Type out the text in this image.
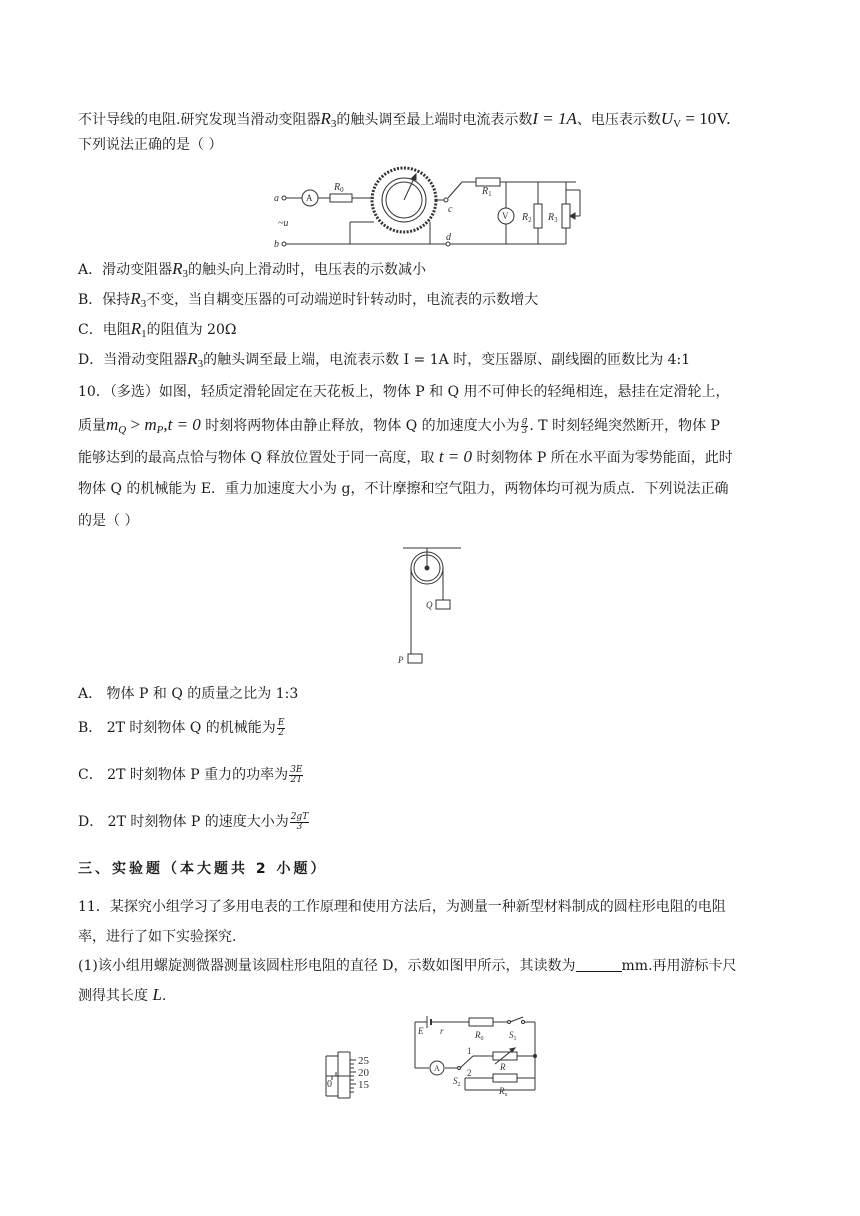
不计导线的电阻.研究发现当滑动变阻器$R_3$的触头调至最上端时电流表示数I = 1A、电压表示数$U_V = 10V$.
下列说法正确的是（ ）
a
b
~u
c
d
A
V
$R_0$	$R_1$
$R_2$ $R_3$
A．滑动变阻器$R_3$的触头向上滑动时，电压表的示数减小
B．保持$R_3$不变，当自耦变压器的可动端逆时针转动时，电流表的示数增大
C．电阻$R_1$的阻值为 20Ω
D．当滑动变阻器$R_3$的触头调至最上端，电流表示数 I = 1A 时，变压器原、副线圈的匝数比为 4:1
10．（多选）如图，轻质定滑轮固定在天花板上，物体 P 和 Q 用不可伸长的轻绳相连，悬挂在定滑轮上，
质量mQ > mP,t = 0 时刻将两物体由静止释放，物体 Q 的加速度大小为 $\frac{g}{3}$ . T 时刻轻绳突然断开，物体 P
能够达到的最高点恰与物体 Q 释放位置处于同一高度，取 t = 0 时刻物体 P 所在水平面为零势能面，此时
物体 Q 的机械能为 E．重力加速度大小为 g，不计摩擦和空气阻力，两物体均可视为质点．下列说法正确
的是（ ）
Q
P
A． 物体 P 和 Q 的质量之比为 1:3
B． 2T 时刻物体 Q 的机械能为 $\frac{E}{2}$
C． 2T 时刻物体 P 重力的功率为 $\frac{3E}{2T}$
D． 2T 时刻物体 P 的速度大小为 $\frac{2gT}{3}$
三、实验题（本大题共 2 小题）
11．某探究小组学习了多用电表的工作原理和使用方法后，为测量一种新型材料制成的圆柱形电阻的电阻
率，进行了如下实验探究.
(1)该小组用螺旋测微器测量该圆柱形电阻的直径 D，示数如图甲所示，其读数为	mm.再用游标卡尺
测得其长度 L.
25
20
15
0
E r	$R_0$	$S_1$
A
$S_2$
1
2
R
$R_x$
